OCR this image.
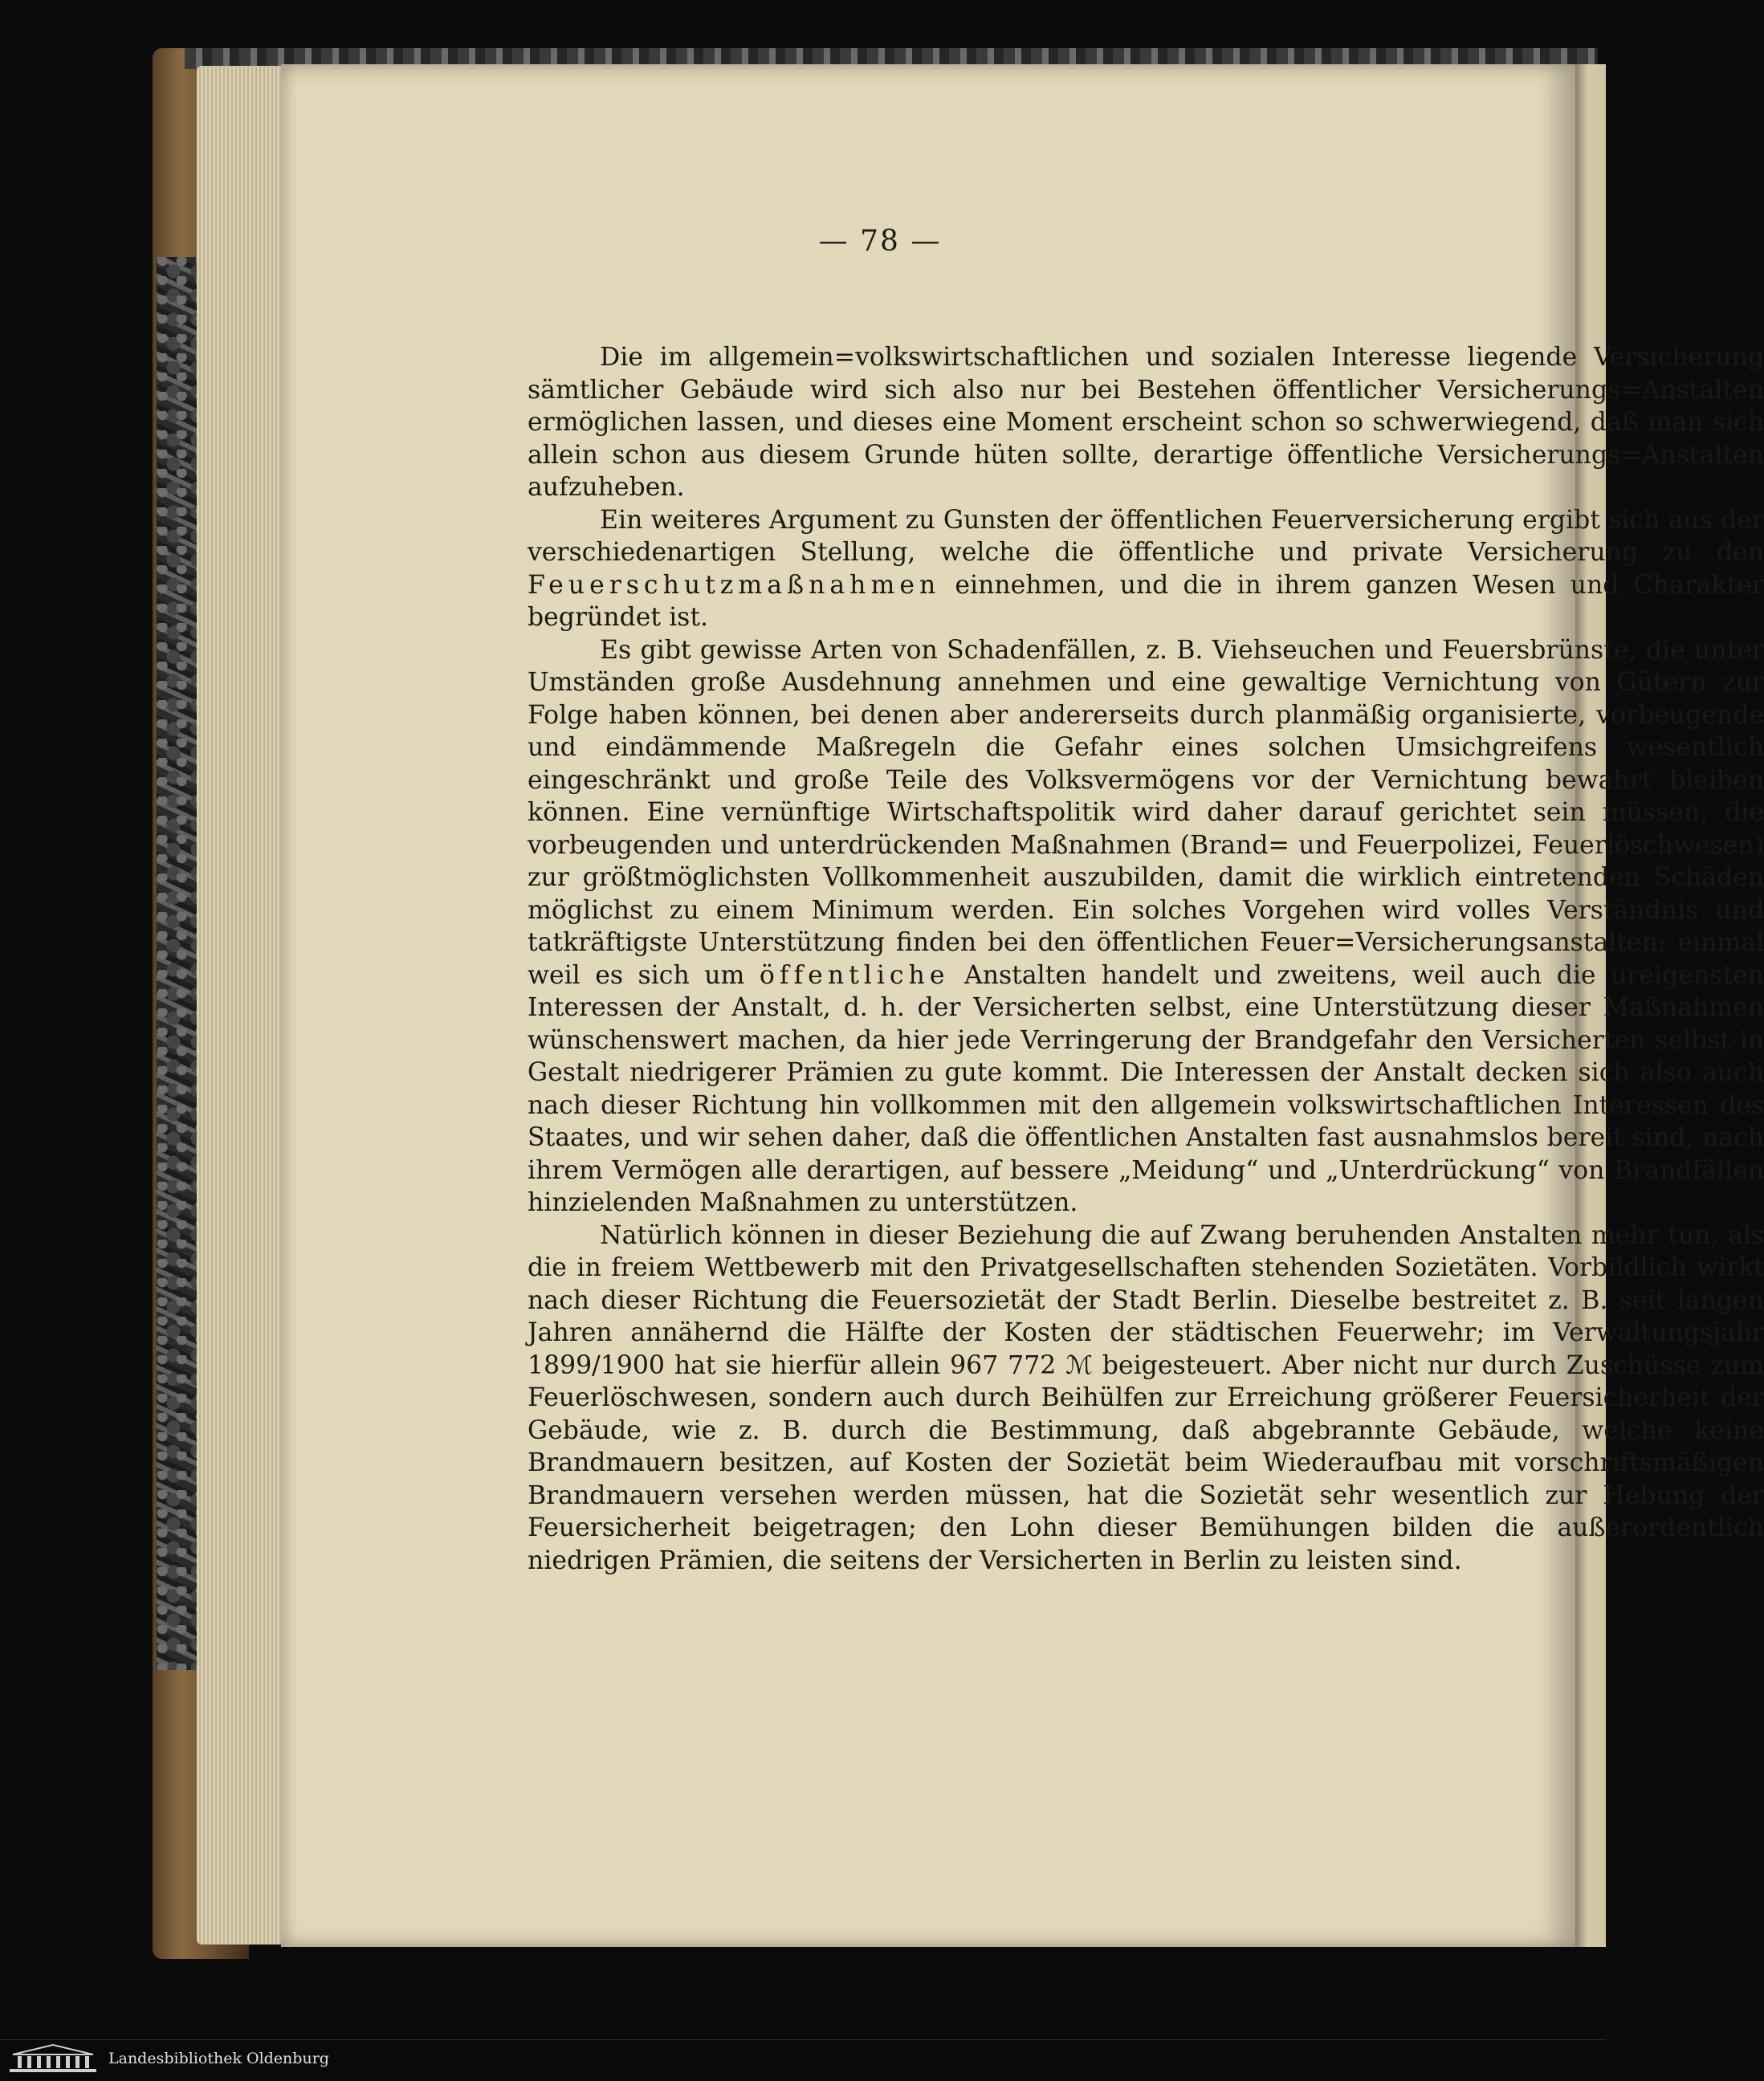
— 78 —

Die im allgemein=volkswirtschaftlichen und sozialen Interesse liegende Versicherung sämtlicher Gebäude wird sich also nur bei Bestehen öffentlicher Versicherungs=Anstalten ermöglichen lassen, und dieses eine Moment erscheint schon so schwerwiegend, daß man sich allein schon aus diesem Grunde hüten sollte, derartige öffentliche Versicherungs=Anstalten aufzuheben.

Ein weiteres Argument zu Gunsten der öffentlichen Feuerversicherung ergibt sich aus der verschiedenartigen Stellung, welche die öffentliche und private Versicherung zu den Feuerschutzmaßnahmen einnehmen, und die in ihrem ganzen Wesen und Charakter begründet ist.

Es gibt gewisse Arten von Schadenfällen, z. B. Viehseuchen und Feuersbrünste, die unter Umständen große Ausdehnung annehmen und eine gewaltige Vernichtung von Gütern zur Folge haben können, bei denen aber andererseits durch planmäßig organisierte, vorbeugende und eindämmende Maßregeln die Gefahr eines solchen Umsichgreifens wesentlich eingeschränkt und große Teile des Volksvermögens vor der Vernichtung bewahrt bleiben können. Eine vernünftige Wirtschaftspolitik wird daher darauf gerichtet sein müssen, die vorbeugenden und unterdrückenden Maßnahmen (Brand= und Feuerpolizei, Feuerlöschwesen) zur größtmöglichsten Vollkommenheit auszubilden, damit die wirklich eintretenden Schäden möglichst zu einem Minimum werden. Ein solches Vorgehen wird volles Verständnis und tatkräftigste Unterstützung finden bei den öffentlichen Feuer=Versicherungsanstalten; einmal weil es sich um öffentliche Anstalten handelt und zweitens, weil auch die ureigensten Interessen der Anstalt, d. h. der Versicherten selbst, eine Unterstützung dieser Maßnahmen wünschenswert machen, da hier jede Verringerung der Brandgefahr den Versicherten selbst in Gestalt niedrigerer Prämien zu gute kommt. Die Interessen der Anstalt decken sich also auch nach dieser Richtung hin vollkommen mit den allgemein volkswirtschaftlichen Interessen des Staates, und wir sehen daher, daß die öffentlichen Anstalten fast ausnahmslos bereit sind, nach ihrem Vermögen alle derartigen, auf bessere „Meidung“ und „Unterdrückung“ von Brandfällen hinzielenden Maßnahmen zu unterstützen.

Natürlich können in dieser Beziehung die auf Zwang beruhenden Anstalten mehr tun, als die in freiem Wettbewerb mit den Privatgesellschaften stehenden Sozietäten. Vorbildlich wirkt nach dieser Richtung die Feuersozietät der Stadt Berlin. Dieselbe bestreitet z. B. seit langen Jahren annähernd die Hälfte der Kosten der städtischen Feuerwehr; im Verwaltungsjahr 1899/1900 hat sie hierfür allein 967 772 ℳ beigesteuert. Aber nicht nur durch Zuschüsse zum Feuerlöschwesen, sondern auch durch Beihülfen zur Erreichung größerer Feuersicherheit der Gebäude, wie z. B. durch die Bestimmung, daß abgebrannte Gebäude, welche keine Brandmauern besitzen, auf Kosten der Sozietät beim Wiederaufbau mit vorschriftsmäßigen Brandmauern versehen werden müssen, hat die Sozietät sehr wesentlich zur Hebung der Feuersicherheit beigetragen; den Lohn dieser Bemühungen bilden die außerordentlich niedrigen Prämien, die seitens der Versicherten in Berlin zu leisten sind.

Landesbibliothek Oldenburg
